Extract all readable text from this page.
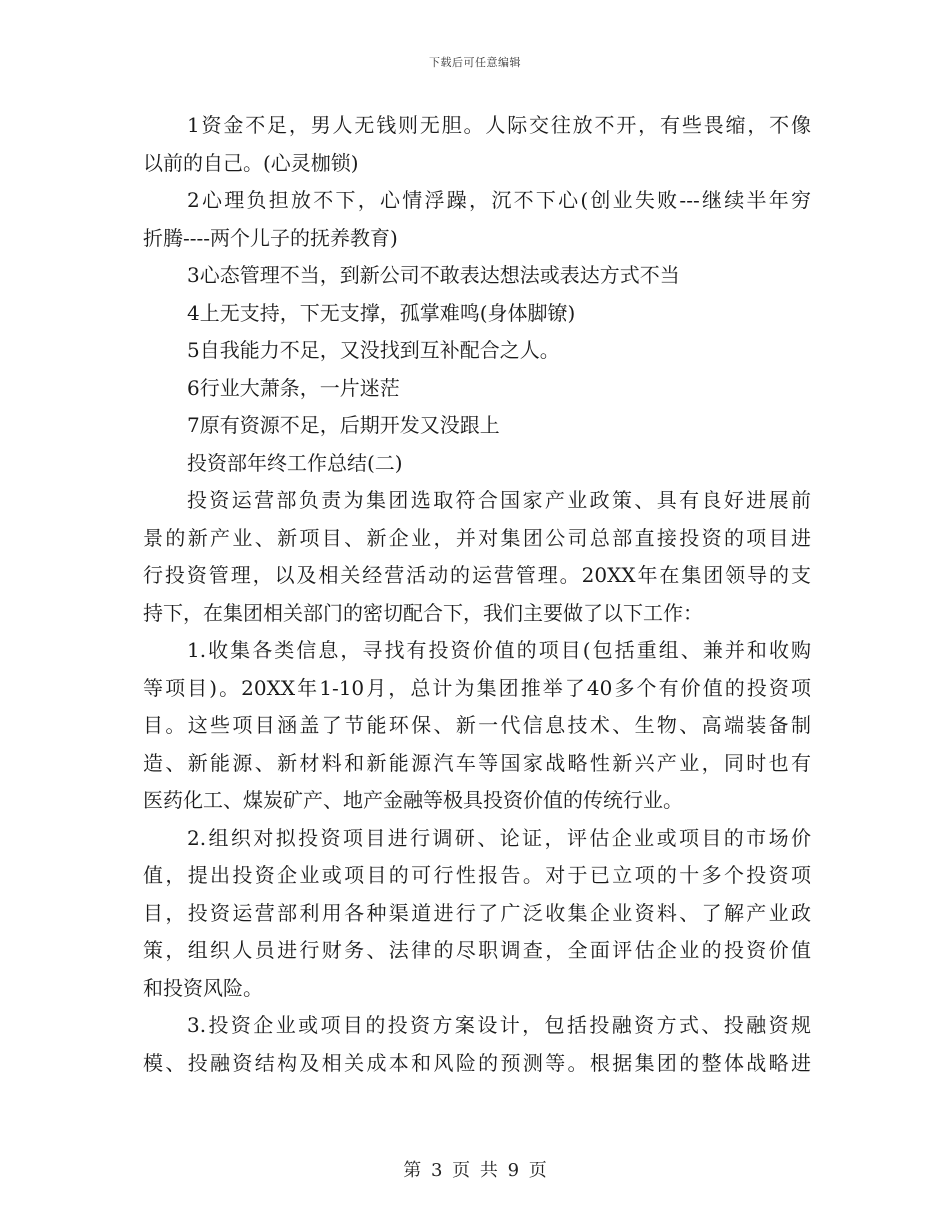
下载后可任意编辑
1资金不足，男人无钱则无胆。人际交往放不开，有些畏缩，不像
以前的自己。(心灵枷锁)
2心理负担放不下，心情浮躁，沉不下心(创业失败---继续半年穷
折腾----两个儿子的抚养教育)
3心态管理不当，到新公司不敢表达想法或表达方式不当
4上无支持，下无支撑，孤掌难鸣(身体脚镣)
5自我能力不足，又没找到互补配合之人。
6行业大萧条，一片迷茫
7原有资源不足，后期开发又没跟上
投资部年终工作总结(二)
投资运营部负责为集团选取符合国家产业政策、具有良好进展前
景的新产业、新项目、新企业，并对集团公司总部直接投资的项目进
行投资管理，以及相关经营活动的运营管理。20XX年在集团领导的支
持下，在集团相关部门的密切配合下，我们主要做了以下工作：
1.收集各类信息，寻找有投资价值的项目(包括重组、兼并和收购
等项目)。20XX年1-10月，总计为集团推举了40多个有价值的投资项
目。这些项目涵盖了节能环保、新一代信息技术、生物、高端装备制
造、新能源、新材料和新能源汽车等国家战略性新兴产业，同时也有
医药化工、煤炭矿产、地产金融等极具投资价值的传统行业。
2.组织对拟投资项目进行调研、论证，评估企业或项目的市场价
值，提出投资企业或项目的可行性报告。对于已立项的十多个投资项
目，投资运营部利用各种渠道进行了广泛收集企业资料、了解产业政
策，组织人员进行财务、法律的尽职调查，全面评估企业的投资价值
和投资风险。
3.投资企业或项目的投资方案设计，包括投融资方式、投融资规
模、投融资结构及相关成本和风险的预测等。根据集团的整体战略进
第 3 页 共 9 页
